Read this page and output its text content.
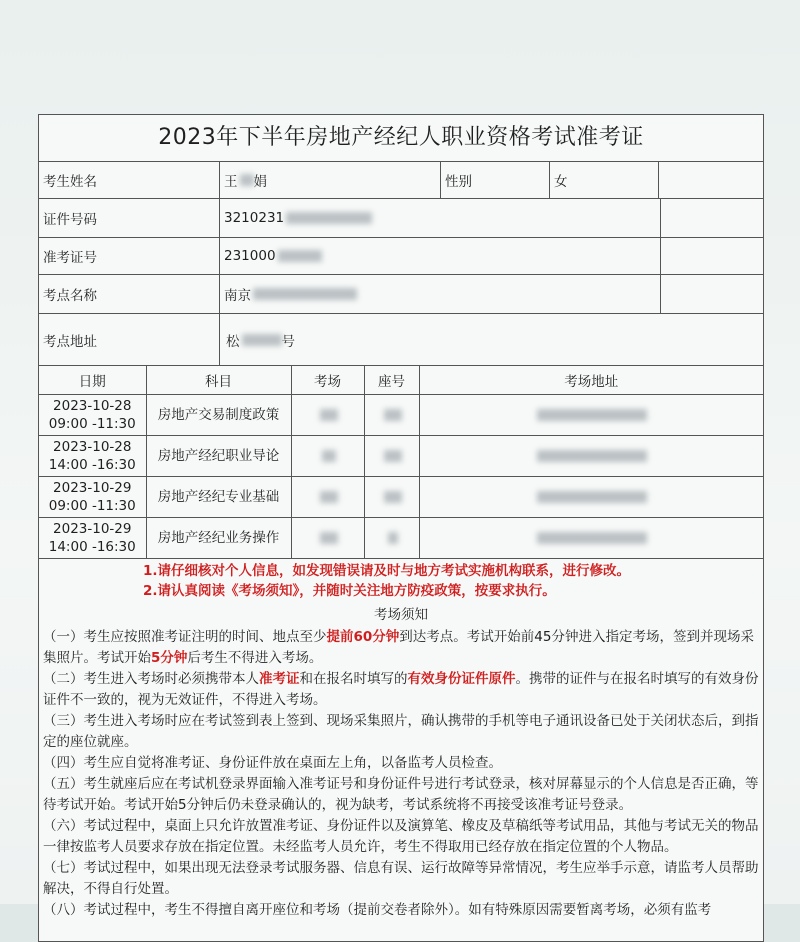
2023年下半年房地产经纪人职业资格考试准考证
考生姓名	王 娟	性别	女
证件号码	3210231
准考证号	231000
考点名称	南京
考点地址	松	号
日期	科目	考场	座号	考场地址
2023-10-28
09:00 -11:30	房地产交易制度政策			
2023-10-28
14:00 -16:30	房地产经纪职业导论			
2023-10-29
09:00 -11:30	房地产经纪专业基础			
2023-10-29
14:00 -16:30	房地产经纪业务操作			
1.请仔细核对个人信息，如发现错误请及时与地方考试实施机构联系，进行修改。
2.请认真阅读《考场须知》，并随时关注地方防疫政策，按要求执行。
考场须知

（一）考生应按照准考证注明的时间、地点至少提前60分钟到达考点。考试开始前45分钟进入指定考场，签到并现场采集照片。考试开始5分钟后考生不得进入考场。

（二）考生进入考场时必须携带本人准考证和在报名时填写的有效身份证件原件。携带的证件与在报名时填写的有效身份证件不一致的，视为无效证件，不得进入考场。

（三）考生进入考场时应在考试签到表上签到、现场采集照片，确认携带的手机等电子通讯设备已处于关闭状态后，到指定的座位就座。

（四）考生应自觉将准考证、身份证件放在桌面左上角，以备监考人员检查。

（五）考生就座后应在考试机登录界面输入准考证号和身份证件号进行考试登录，核对屏幕显示的个人信息是否正确，等待考试开始。考试开始5分钟后仍未登录确认的，视为缺考，考试系统将不再接受该准考证号登录。

（六）考试过程中，桌面上只允许放置准考证、身份证件以及演算笔、橡皮及草稿纸等考试用品，其他与考试无关的物品一律按监考人员要求存放在指定位置。未经监考人员允许，考生不得取用已经存放在指定位置的个人物品。

（七）考试过程中，如果出现无法登录考试服务器、信息有误、运行故障等异常情况，考生应举手示意，请监考人员帮助解决，不得自行处置。

（八）考试过程中，考生不得擅自离开座位和考场（提前交卷者除外）。如有特殊原因需要暂离考场，必须有监考
